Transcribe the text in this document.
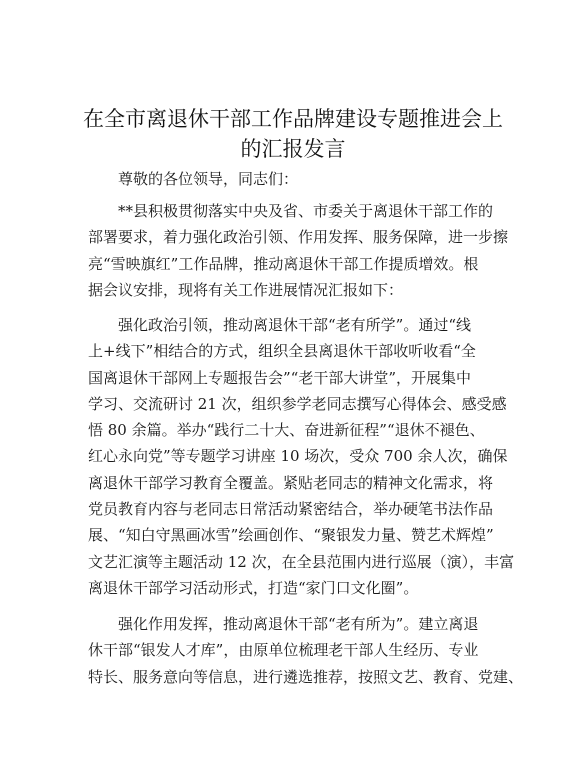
在全市离退休干部工作品牌建设专题推进会上
的汇报发言
尊敬的各位领导，同志们：
**县积极贯彻落实中央及省、市委关于离退休干部工作的
部署要求，着力强化政治引领、作用发挥、服务保障，进一步擦
亮“雪映旗红”工作品牌，推动离退休干部工作提质增效。根
据会议安排，现将有关工作进展情况汇报如下：
强化政治引领，推动离退休干部“老有所学”。通过“线
上+线下”相结合的方式，组织全县离退休干部收听收看“全
国离退休干部网上专题报告会”“老干部大讲堂”，开展集中
学习、交流研讨 21 次，组织参学老同志撰写心得体会、感受感
悟 80 余篇。举办“践行二十大、奋进新征程”“退休不褪色、
红心永向党”等专题学习讲座 10 场次，受众 700 余人次，确保
离退休干部学习教育全覆盖。紧贴老同志的精神文化需求，将
党员教育内容与老同志日常活动紧密结合，举办硬笔书法作品
展、“知白守黑画冰雪”绘画创作、“聚银发力量、赞艺术辉煌”
文艺汇演等主题活动 12 次，在全县范围内进行巡展（演），丰富
离退休干部学习活动形式，打造“家门口文化圈”。
强化作用发挥，推动离退休干部“老有所为”。建立离退
休干部“银发人才库”，由原单位梳理老干部人生经历、专业
特长、服务意向等信息，进行遴选推荐，按照文艺、教育、党建、
